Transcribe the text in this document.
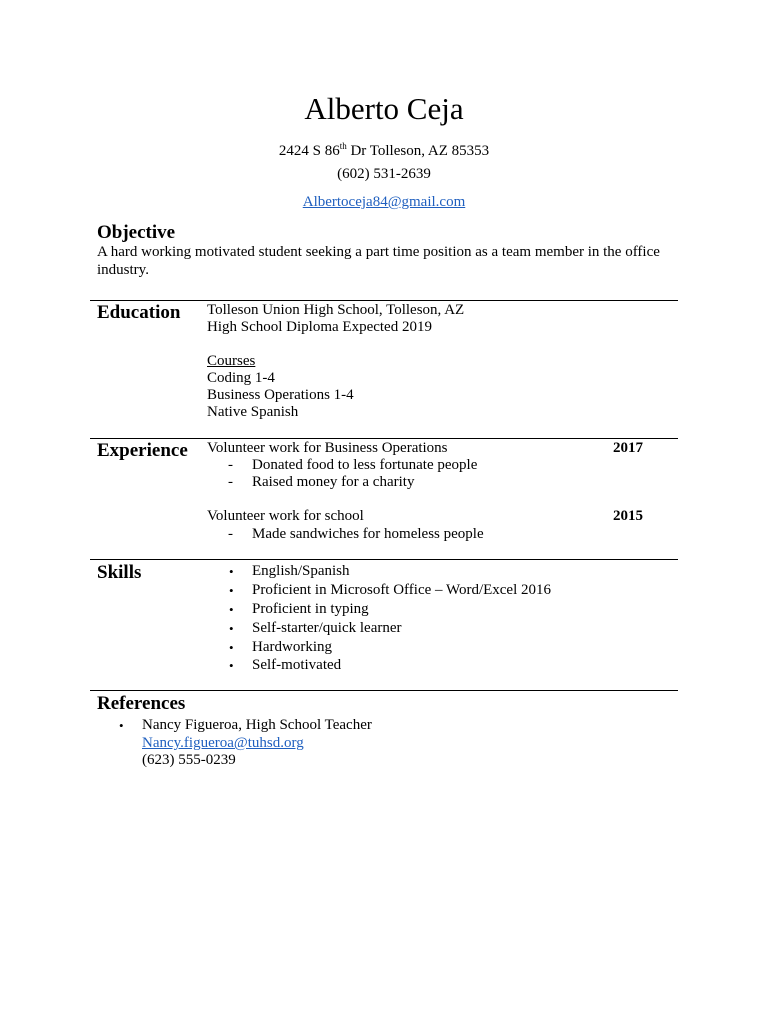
Alberto Ceja
2424 S 86th Dr Tolleson, AZ 85353
(602) 531-2639
Albertoceja84@gmail.com
Objective
A hard working motivated student seeking a part time position as a team member in the office
industry.
Education Tolleson Union High School, Tolleson, AZ
High School Diploma Expected 2019
Courses
Coding 1-4
Business Operations 1-4
Native Spanish
Experience Volunteer work for Business Operations	2017
- Donated food to less fortunate people
- Raised money for a charity
Volunteer work for school	2015
- Made sandwiches for homeless people
Skills	• English/Spanish
• Proficient in Microsoft Office – Word/Excel 2016
• Proficient in typing
• Self-starter/quick learner
• Hardworking
• Self-motivated
References
• Nancy Figueroa, High School Teacher
Nancy.figueroa@tuhsd.org
(623) 555-0239
